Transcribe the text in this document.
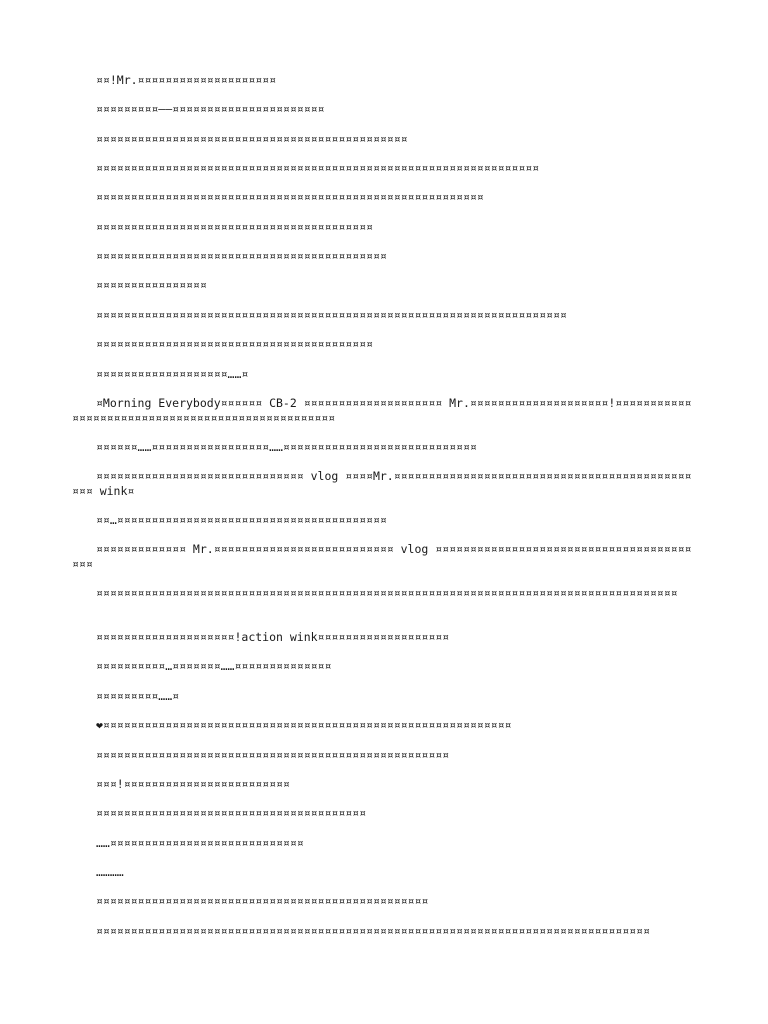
¤¤!Mr.¤¤¤¤¤¤¤¤¤¤¤¤¤¤¤¤¤¤¤¤

¤¤¤¤¤¤¤¤¤——¤¤¤¤¤¤¤¤¤¤¤¤¤¤¤¤¤¤¤¤¤¤

¤¤¤¤¤¤¤¤¤¤¤¤¤¤¤¤¤¤¤¤¤¤¤¤¤¤¤¤¤¤¤¤¤¤¤¤¤¤¤¤¤¤¤¤¤

¤¤¤¤¤¤¤¤¤¤¤¤¤¤¤¤¤¤¤¤¤¤¤¤¤¤¤¤¤¤¤¤¤¤¤¤¤¤¤¤¤¤¤¤¤¤¤¤¤¤¤¤¤¤¤¤¤¤¤¤¤¤¤¤

¤¤¤¤¤¤¤¤¤¤¤¤¤¤¤¤¤¤¤¤¤¤¤¤¤¤¤¤¤¤¤¤¤¤¤¤¤¤¤¤¤¤¤¤¤¤¤¤¤¤¤¤¤¤¤¤

¤¤¤¤¤¤¤¤¤¤¤¤¤¤¤¤¤¤¤¤¤¤¤¤¤¤¤¤¤¤¤¤¤¤¤¤¤¤¤¤

¤¤¤¤¤¤¤¤¤¤¤¤¤¤¤¤¤¤¤¤¤¤¤¤¤¤¤¤¤¤¤¤¤¤¤¤¤¤¤¤¤¤

¤¤¤¤¤¤¤¤¤¤¤¤¤¤¤¤

¤¤¤¤¤¤¤¤¤¤¤¤¤¤¤¤¤¤¤¤¤¤¤¤¤¤¤¤¤¤¤¤¤¤¤¤¤¤¤¤¤¤¤¤¤¤¤¤¤¤¤¤¤¤¤¤¤¤¤¤¤¤¤¤¤¤¤¤

¤¤¤¤¤¤¤¤¤¤¤¤¤¤¤¤¤¤¤¤¤¤¤¤¤¤¤¤¤¤¤¤¤¤¤¤¤¤¤¤

¤¤¤¤¤¤¤¤¤¤¤¤¤¤¤¤¤¤¤……¤

¤Morning Everybody¤¤¤¤¤¤ CB-2 ¤¤¤¤¤¤¤¤¤¤¤¤¤¤¤¤¤¤¤¤ Mr.¤¤¤¤¤¤¤¤¤¤¤¤¤¤¤¤¤¤¤¤!¤¤¤¤¤¤¤¤¤¤¤¤¤¤¤¤¤¤¤¤¤¤¤¤¤¤¤¤¤¤¤¤¤¤¤¤¤¤¤¤¤¤¤¤¤¤¤¤¤

¤¤¤¤¤¤……¤¤¤¤¤¤¤¤¤¤¤¤¤¤¤¤¤……¤¤¤¤¤¤¤¤¤¤¤¤¤¤¤¤¤¤¤¤¤¤¤¤¤¤¤¤

¤¤¤¤¤¤¤¤¤¤¤¤¤¤¤¤¤¤¤¤¤¤¤¤¤¤¤¤¤¤ vlog ¤¤¤¤Mr.¤¤¤¤¤¤¤¤¤¤¤¤¤¤¤¤¤¤¤¤¤¤¤¤¤¤¤¤¤¤¤¤¤¤¤¤¤¤¤¤¤¤¤¤¤¤ wink¤

¤¤…¤¤¤¤¤¤¤¤¤¤¤¤¤¤¤¤¤¤¤¤¤¤¤¤¤¤¤¤¤¤¤¤¤¤¤¤¤¤¤

¤¤¤¤¤¤¤¤¤¤¤¤¤ Mr.¤¤¤¤¤¤¤¤¤¤¤¤¤¤¤¤¤¤¤¤¤¤¤¤¤¤ vlog ¤¤¤¤¤¤¤¤¤¤¤¤¤¤¤¤¤¤¤¤¤¤¤¤¤¤¤¤¤¤¤¤¤¤¤¤¤¤¤¤

¤¤¤¤¤¤¤¤¤¤¤¤¤¤¤¤¤¤¤¤¤¤¤¤¤¤¤¤¤¤¤¤¤¤¤¤¤¤¤¤¤¤¤¤¤¤¤¤¤¤¤¤¤¤¤¤¤¤¤¤¤¤¤¤¤¤¤¤¤¤¤¤¤¤¤¤¤¤¤¤¤¤¤¤

¤¤¤¤¤¤¤¤¤¤¤¤¤¤¤¤¤¤¤¤!action wink¤¤¤¤¤¤¤¤¤¤¤¤¤¤¤¤¤¤¤

¤¤¤¤¤¤¤¤¤¤…¤¤¤¤¤¤¤……¤¤¤¤¤¤¤¤¤¤¤¤¤¤

¤¤¤¤¤¤¤¤¤……¤

❤¤¤¤¤¤¤¤¤¤¤¤¤¤¤¤¤¤¤¤¤¤¤¤¤¤¤¤¤¤¤¤¤¤¤¤¤¤¤¤¤¤¤¤¤¤¤¤¤¤¤¤¤¤¤¤¤¤¤¤

¤¤¤¤¤¤¤¤¤¤¤¤¤¤¤¤¤¤¤¤¤¤¤¤¤¤¤¤¤¤¤¤¤¤¤¤¤¤¤¤¤¤¤¤¤¤¤¤¤¤¤

¤¤¤!¤¤¤¤¤¤¤¤¤¤¤¤¤¤¤¤¤¤¤¤¤¤¤¤

¤¤¤¤¤¤¤¤¤¤¤¤¤¤¤¤¤¤¤¤¤¤¤¤¤¤¤¤¤¤¤¤¤¤¤¤¤¤¤

……¤¤¤¤¤¤¤¤¤¤¤¤¤¤¤¤¤¤¤¤¤¤¤¤¤¤¤¤

…………

¤¤¤¤¤¤¤¤¤¤¤¤¤¤¤¤¤¤¤¤¤¤¤¤¤¤¤¤¤¤¤¤¤¤¤¤¤¤¤¤¤¤¤¤¤¤¤¤

¤¤¤¤¤¤¤¤¤¤¤¤¤¤¤¤¤¤¤¤¤¤¤¤¤¤¤¤¤¤¤¤¤¤¤¤¤¤¤¤¤¤¤¤¤¤¤¤¤¤¤¤¤¤¤¤¤¤¤¤¤¤¤¤¤¤¤¤¤¤¤¤¤¤¤¤¤¤¤¤
